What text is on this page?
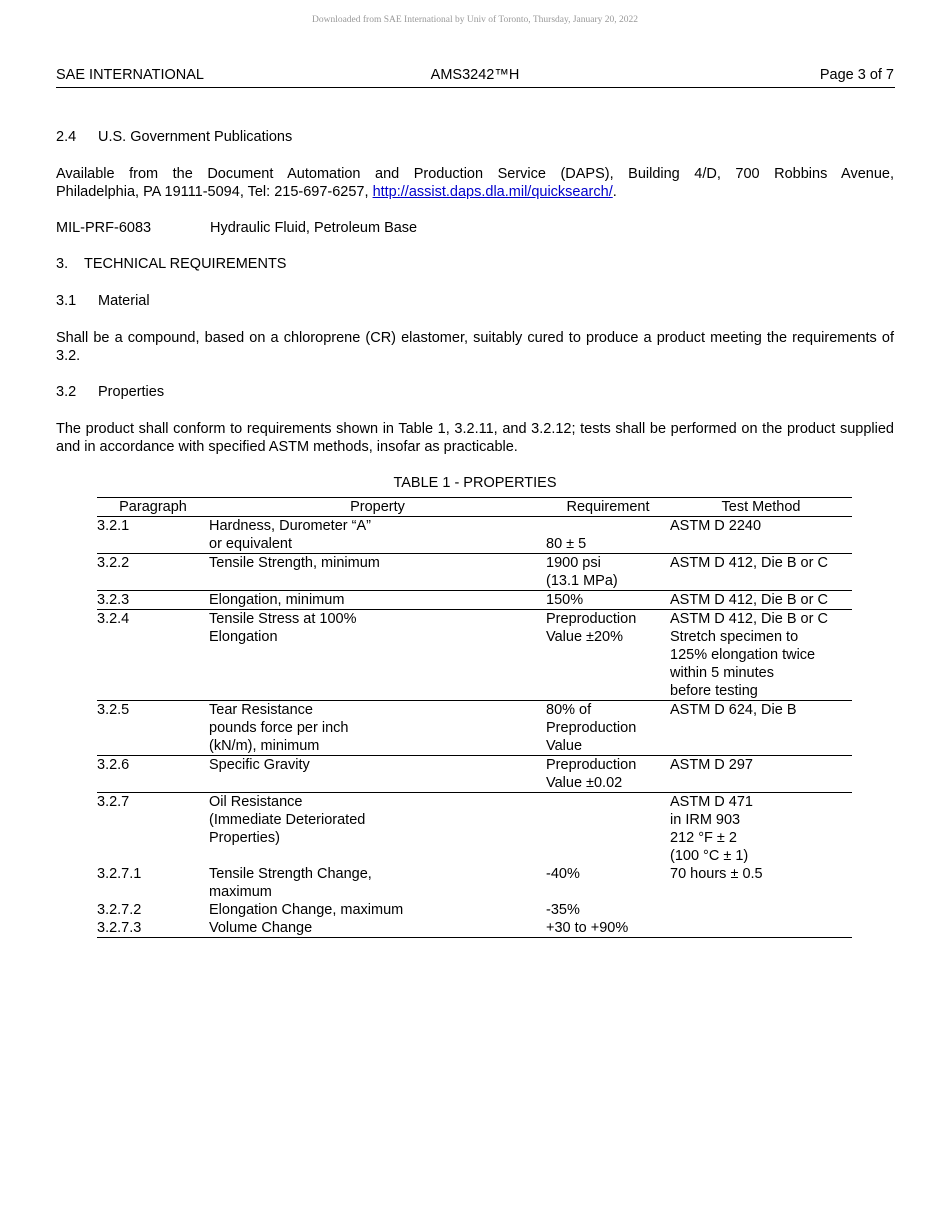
Downloaded from SAE International by Univ of Toronto, Thursday, January 20, 2022
SAE INTERNATIONAL	AMS3242™H	Page 3 of 7
2.4 U.S. Government Publications
Available from the Document Automation and Production Service (DAPS), Building 4/D, 700 Robbins Avenue,
Philadelphia, PA 19111-5094, Tel: 215-697-6257, http://assist.daps.dla.mil/quicksearch/.
MIL-PRF-6083	Hydraulic Fluid, Petroleum Base
3. TECHNICAL REQUIREMENTS
3.1 Material
Shall be a compound, based on a chloroprene (CR) elastomer, suitably cured to produce a product meeting the requirements of 3.2.
3.2 Properties
The product shall conform to requirements shown in Table 1, 3.2.11, and 3.2.12; tests shall be performed on the product supplied and in accordance with specified ASTM methods, insofar as practicable.
TABLE 1 - PROPERTIES
Paragraph	Property	Requirement	Test Method
3.2.1	Hardness, Durometer “A”
or equivalent	
80 ± 5	ASTM D 2240
3.2.2	Tensile Strength, minimum	1900 psi
(13.1 MPa)	ASTM D 412, Die B or C
3.2.3	Elongation, minimum	150%	ASTM D 412, Die B or C
3.2.4	Tensile Stress at 100%
Elongation	Preproduction
Value ±20%	ASTM D 412, Die B or C
Stretch specimen to
125% elongation twice
within 5 minutes
before testing
3.2.5	Tear Resistance
pounds force per inch
(kN/m), minimum	80% of
Preproduction
Value	ASTM D 624, Die B
3.2.6	Specific Gravity	Preproduction
Value ±0.02	ASTM D 297
3.2.7	Oil Resistance
(Immediate Deteriorated
Properties)		ASTM D 471
in IRM 903
212 °F ± 2
(100 °C ± 1)

3.2.7.1	Tensile Strength Change,
maximum	-40%	70 hours ± 0.5
3.2.7.2	Elongation Change, maximum	-35%	
3.2.7.3	Volume Change	+30 to +90%	
